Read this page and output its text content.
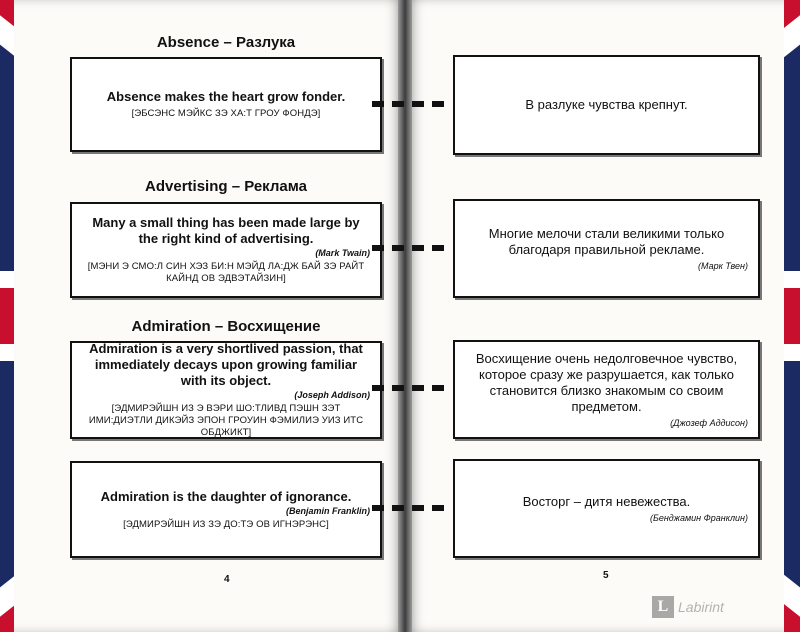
Absence – Разлука
Absence makes the heart grow fonder.
[ЭБСЭНС МЭЙКС ЗЭ ХА:Т ГРОУ ФОНДЭ]
В разлуке чувства крепнут.
Advertising – Реклама
Many a small thing has been made large by the right kind of advertising.
(Mark Twain)
[МЭНИ Э СМО:Л СИН ХЭЗ БИ:Н МЭЙД ЛА:ДЖ БАЙ ЗЭ РАЙТ КАЙНД ОВ ЭДВЭТАЙЗИН]
Многие мелочи стали великими только благодаря правильной рекламе.
(Марк Твен)
Admiration – Восхищение
Admiration is a very shortlived passion, that immediately decays upon growing familiar with its object.
(Joseph Addison)
[ЭДМИРЭЙШН ИЗ Э ВЭРИ ШО:ТЛИВД ПЭШН ЗЭТ ИМИ:ДИЭТЛИ ДИКЭЙЗ ЭПОН ГРОУИН ФЭМИЛИЭ УИЗ ИТС ОБДЖИКТ]
Восхищение очень недолговечное чувство, которое сразу же разрушается, как только становится близко знакомым со своим предметом.
(Джозеф Аддисон)
Admiration is the daughter of ignorance.
(Benjamin Franklin)
[ЭДМИРЭЙШН ИЗ ЗЭ ДО:ТЭ ОВ ИГНЭРЭНС]
Восторг – дитя невежества.
(Бенджамин Франклин)
4	5
L Labirint
